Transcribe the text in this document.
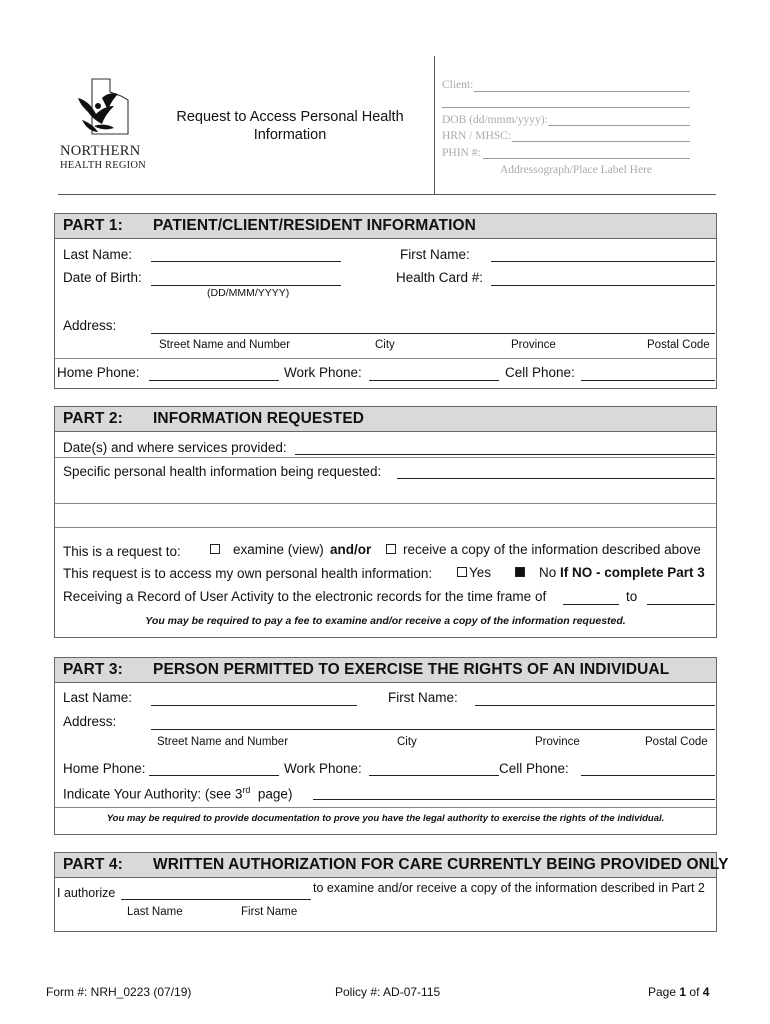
NORTHERN
HEALTH REGION
Request to Access Personal Health
Information
Client:
DOB (dd/mmm/yyyy):
HRN / MHSC:
PHIN #:
Addressograph/Place Label Here
PART 1: PATIENT/CLIENT/RESIDENT INFORMATION
Last Name:	First Name:
Date of Birth:	Health Card #:
(DD/MMM/YYYY)
Address:
Street Name and Number	City	Province	Postal Code
Home Phone:	Work Phone:	Cell Phone:
PART 2: INFORMATION REQUESTED
Date(s) and where services provided:
Specific personal health information being requested:
This is a request to:	examine (view) and/or receive a copy of the information described above
This request is to access my own personal health information:	Yes	No If NO - complete Part 3
Receiving a Record of User Activity to the electronic records for the time frame of	to
You may be required to pay a fee to examine and/or receive a copy of the information requested.
PART 3: PERSON PERMITTED TO EXERCISE THE RIGHTS OF AN INDIVIDUAL
Last Name:	First Name:
Address:
Street Name and Number	City	Province	Postal Code
Home Phone:	Work Phone:	Cell Phone:
Indicate Your Authority: (see 3rd page)
You may be required to provide documentation to prove you have the legal authority to exercise the rights of the individual.
PART 4: WRITTEN AUTHORIZATION FOR CARE CURRENTLY BEING PROVIDED ONLY
I authorize	to examine and/or receive a copy of the information described in Part 2
Last Name	First Name
Form #: NRH_0223 (07/19)	Policy #: AD-07-115	Page 1 of 4
